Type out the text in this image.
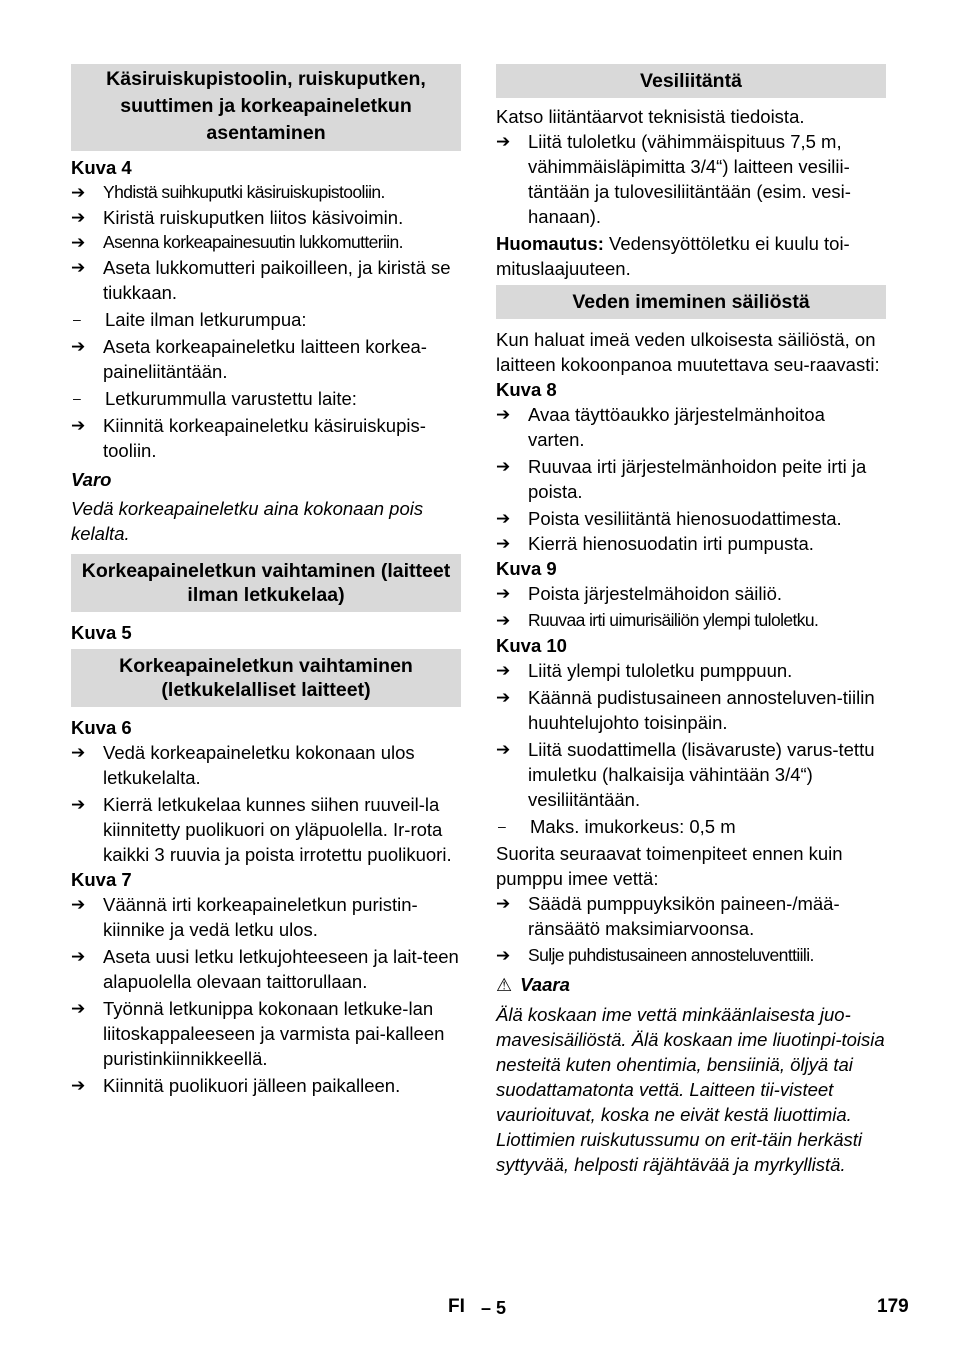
Käsiruiskupistoolin, ruiskuputken, suuttimen ja korkeapaineletkun asentaminen

Kuva 4

➔	Yhdistä suihkuputki käsiruiskupistooliin.
➔ Kiristä ruiskuputken liitos käsivoimin.
➔	Asenna korkeapainesuutin lukkomutteriin.
➔ Aseta lukkomutteri paikoilleen, ja kiristä se tiukkaan.
–	Laite ilman letkurumpua:
➔ Aseta korkeapaineletku laitteen korkea-paineliitäntään.
–	Letkurummulla varustettu laite:
➔ Kiinnitä korkeapaineletku käsiruiskupis-tooliin.

Varo

Vedä korkeapaineletku aina kokonaan pois kelalta.

Korkeapaineletkun vaihtaminen (laitteet ilman letkukelaa)

Kuva 5

Korkeapaineletkun vaihtaminen (letkukelalliset laitteet)

Kuva 6

➔ Vedä korkeapaineletku kokonaan ulos letkukelalta.
➔ Kierrä letkukelaa kunnes siihen ruuveil-la kiinnitetty puolikuori on yläpuolella. Ir-rota kaikki 3 ruuvia ja poista irrotettu puolikuori.

Kuva 7

➔ Väännä irti korkeapaineletkun puristin-kiinnike ja vedä letku ulos.
➔ Aseta uusi letku letkujohteeseen ja lait-teen alapuolella olevaan taittorullaan.
➔ Työnnä letkunippa kokonaan letkuke-lan liitoskappaleeseen ja varmista pai-kalleen puristinkiinnikkeellä.
➔ Kiinnitä puolikuori jälleen paikalleen.
Vesiliitäntä

Katso liitäntäarvot teknisistä tiedoista.

➔ Liitä tuloletku (vähimmäispituus 7,5 m, vähimmäisläpimitta 3/4“) laitteen vesilii-täntään ja tulovesiliitäntään (esim. vesi-hanaan).

Huomautus: Vedensyöttöletku ei kuulu toi-mituslaajuuteen.

Veden imeminen säiliöstä

Kun haluat imeä veden ulkoisesta säiliöstä, on laitteen kokoonpanoa muutettava seu-raavasti:

Kuva 8

➔ Avaa täyttöaukko järjestelmänhoitoa varten.
➔ Ruuvaa irti järjestelmänhoidon peite irti ja poista.
➔ Poista vesiliitäntä hienosuodattimesta.
➔ Kierrä hienosuodatin irti pumpusta.

Kuva 9

➔ Poista järjestelmähoidon säiliö.
➔	Ruuvaa irti uimurisäiliön ylempi tuloletku.

Kuva 10

➔ Liitä ylempi tuloletku pumppuun.
➔ Käännä pudistusaineen annosteluven-tiilin huuhtelujohto toisinpäin.
➔ Liitä suodattimella (lisävaruste) varus-tettu imuletku (halkaisija vähintään 3/4“) vesiliitäntään.
–	Maks. imukorkeus: 0,5 m

Suorita seuraavat toimenpiteet ennen kuin pumppu imee vettä:

➔ Säädä pumppuyksikön paineen-/mää-ränsäätö maksimiarvoonsa.
➔	Sulje puhdistusaineen annosteluventtiili.

⚠ Vaara

Älä koskaan ime vettä minkäänlaisesta juo-mavesisäiliöstä. Älä koskaan ime liuotinpi-toisia nesteitä kuten ohentimia, bensiiniä, öljyä tai suodattamatonta vettä. Laitteen tii-visteet vaurioituvat, koska ne eivät kestä liuottimia. Liottimien ruiskutussumu on erit-täin herkästi syttyvää, helposti räjähtävää ja myrkyllistä.

FI – 5	179
